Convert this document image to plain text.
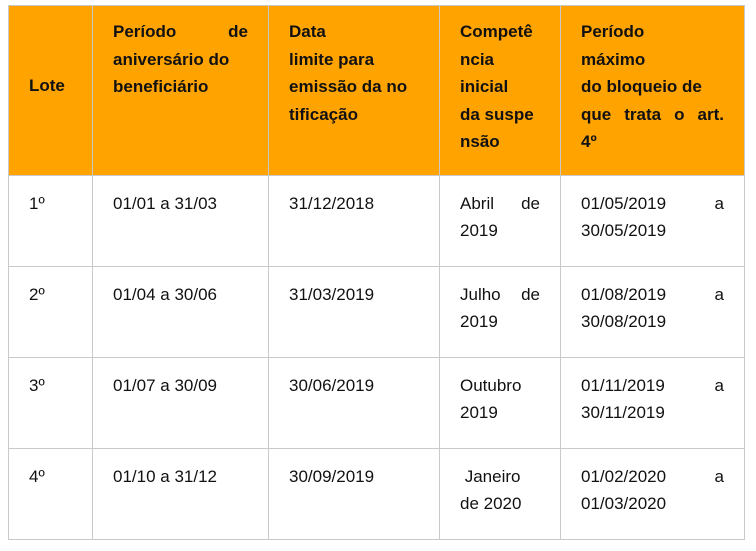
Lote	Período de
aniversário do
beneficiário	Data
limite para
emissão da no
tificação	Competê
ncia
inicial
da suspe
nsão	Período
máximo
do bloqueio de
que trata o art.
4º

1º	01/01 a 31/03	31/12/2018	Abril de
2019	01/05/2019 a
30/05/2019

2º	01/04 a 30/06	31/03/2019	Julho de
2019	01/08/2019 a
30/08/2019

3º	01/07 a 30/09	30/06/2019	Outubro
2019	01/11/2019 a
30/11/2019

4º	01/10 a 31/12	30/09/2019	Janeiro
de 2020	01/02/2020 a
01/03/2020
